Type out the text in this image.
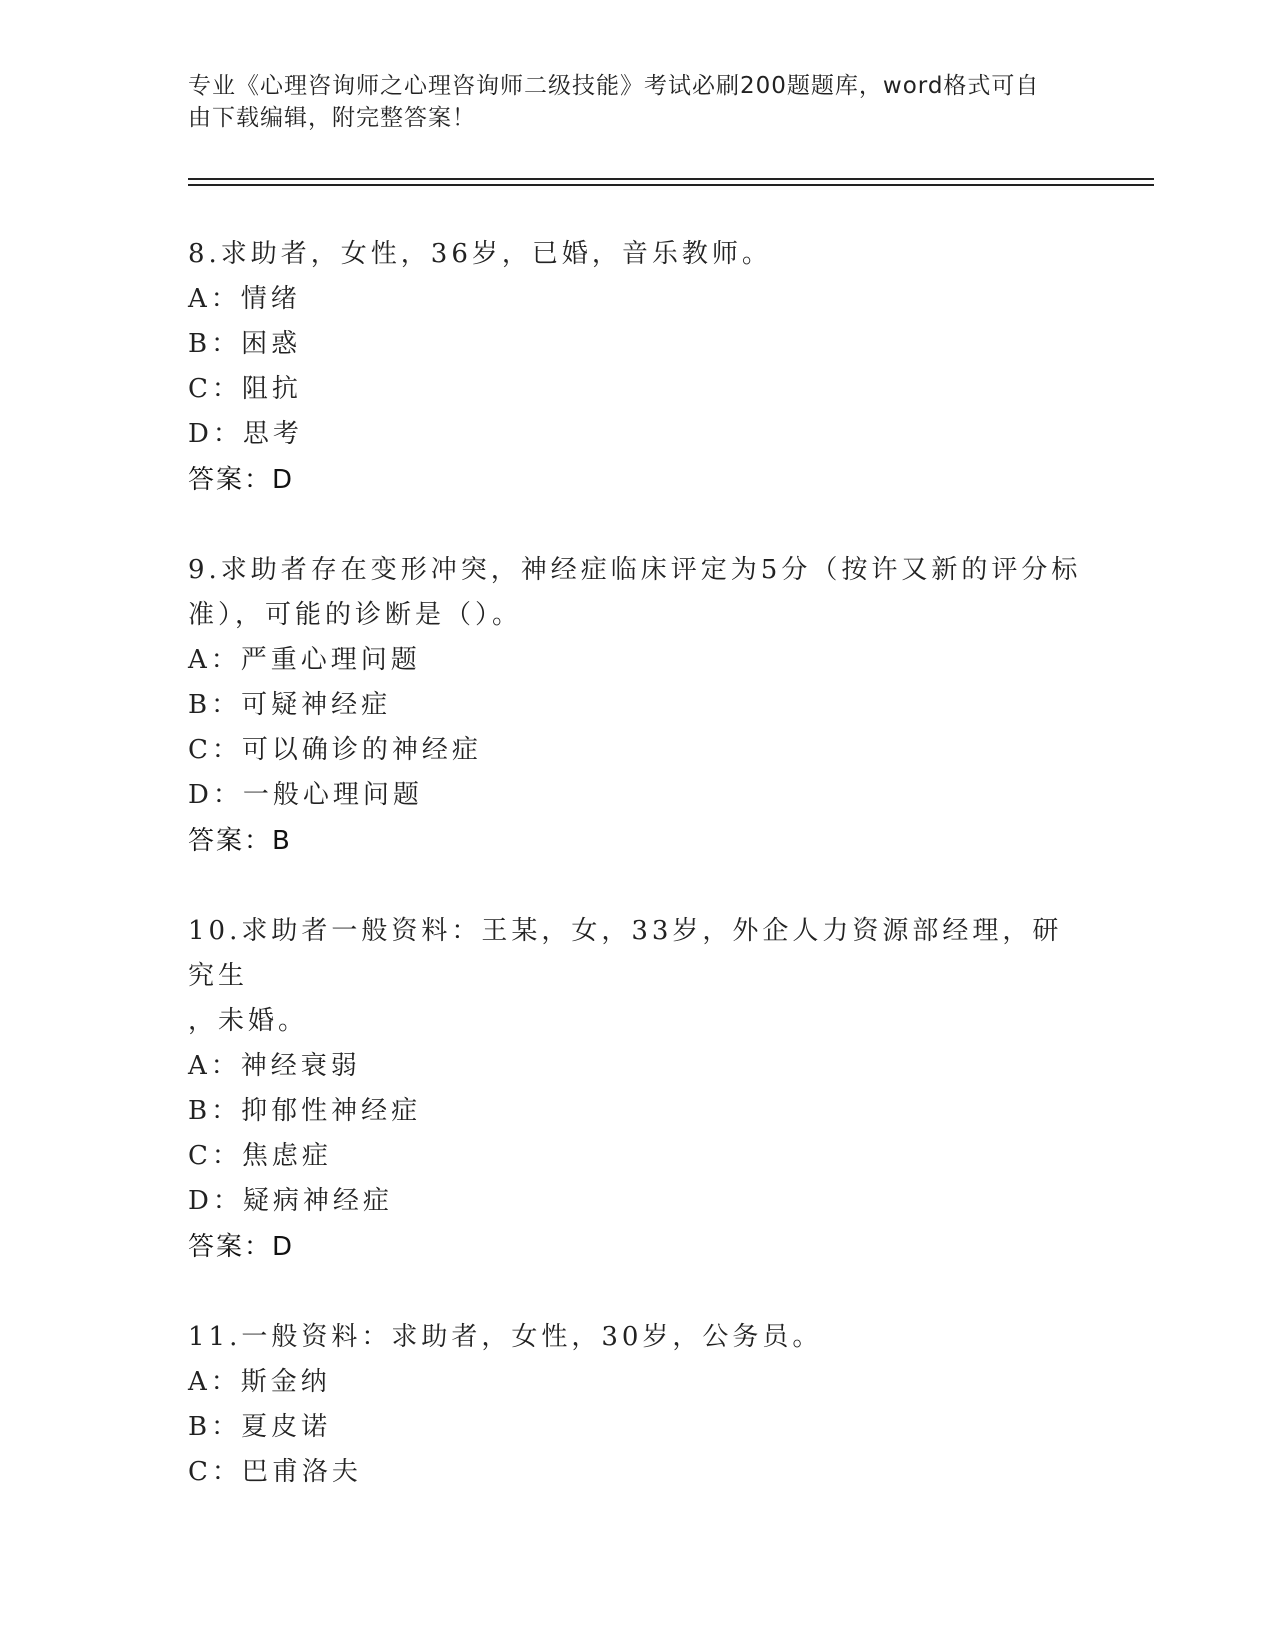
专业《心理咨询师之心理咨询师二级技能》考试必刷200题题库，word格式可自
由下载编辑，附完整答案！
8.求助者，女性，36岁，已婚，音乐教师。
A：情绪
B：困惑
C：阻抗
D：思考
答案：D
9.求助者存在变形冲突，神经症临床评定为5分（按许又新的评分标
准），可能的诊断是（）。
A：严重心理问题
B：可疑神经症
C：可以确诊的神经症
D：一般心理问题
答案：B
10.求助者一般资料：王某，女，33岁，外企人力资源部经理，研究生
，未婚。
A：神经衰弱
B：抑郁性神经症
C：焦虑症
D：疑病神经症
答案：D
11.一般资料：求助者，女性，30岁，公务员。
A：斯金纳
B：夏皮诺
C：巴甫洛夫
